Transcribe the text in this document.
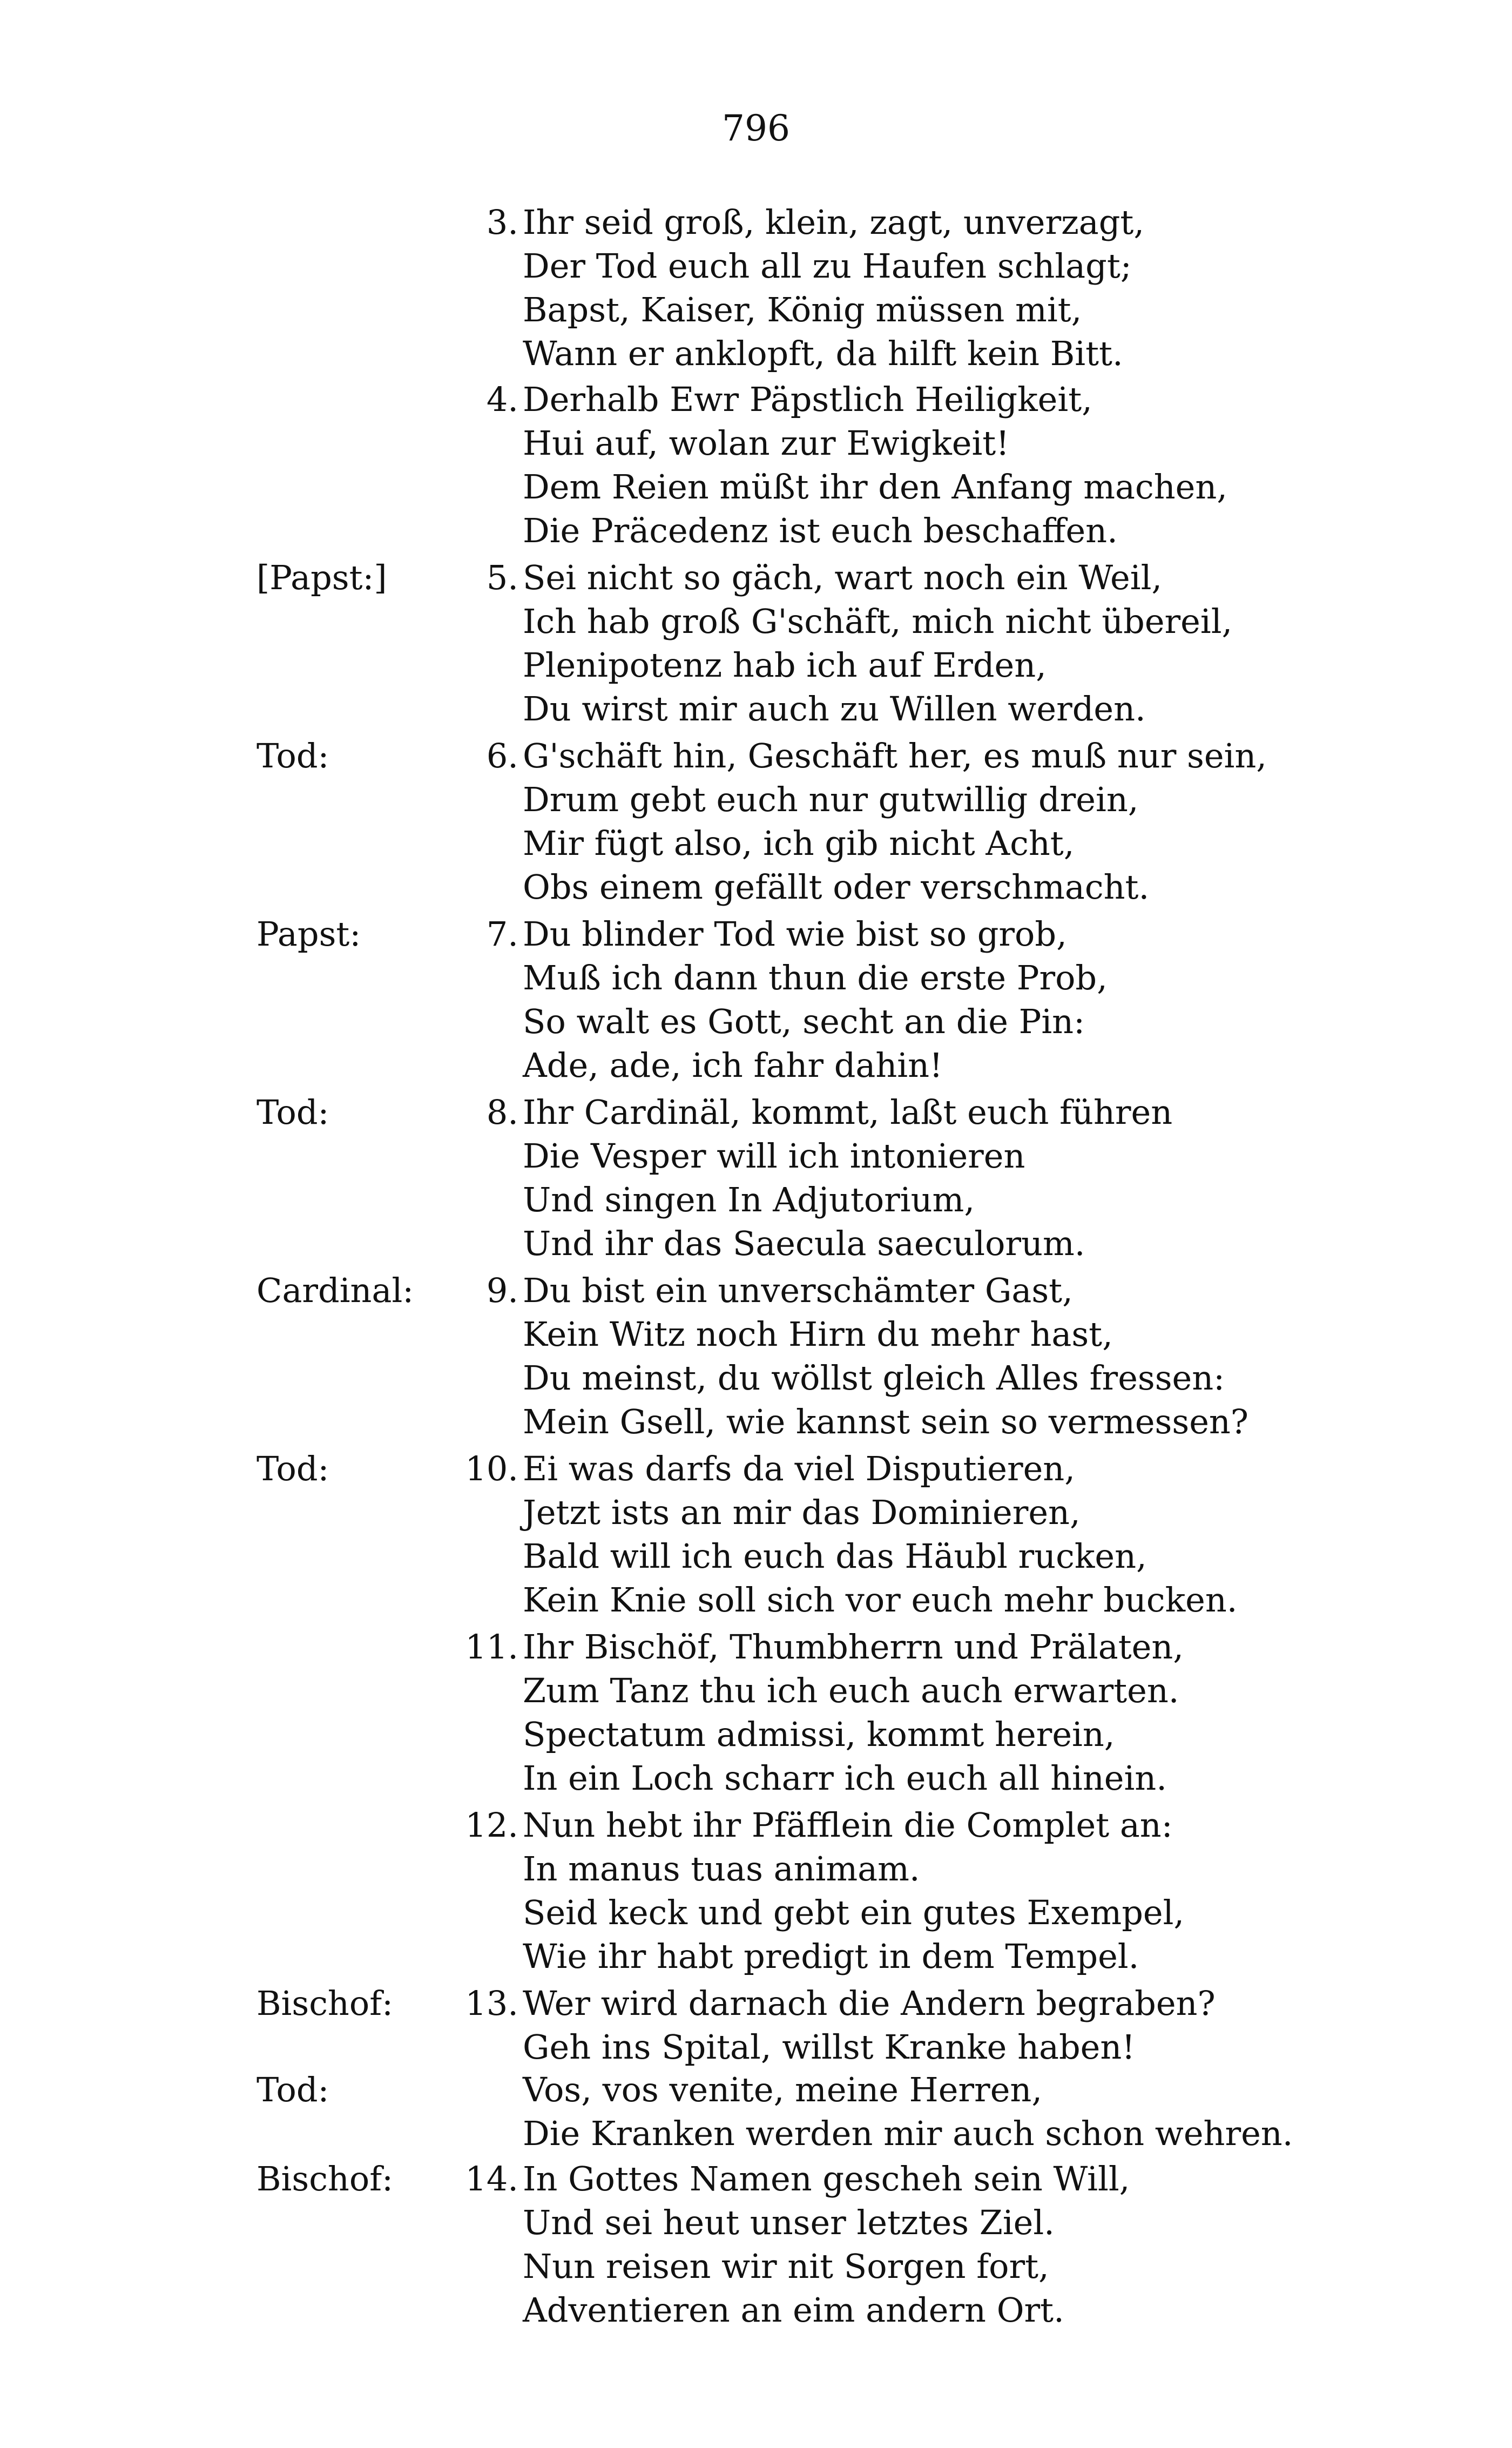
796
3. Ihr seid groß, klein, zagt, unverzagt,
Der Tod euch all zu Haufen schlagt;
Bapst, Kaiser, König müssen mit,
Wann er anklopft, da hilft kein Bitt.
4. Derhalb Ewr Päpstlich Heiligkeit,
Hui auf, wolan zur Ewigkeit!
Dem Reien müßt ihr den Anfang machen,
Die Präcedenz ist euch beschaffen.
[Papst:]	5. Sei nicht so gäch, wart noch ein Weil,
Ich hab groß G'schäft, mich nicht übereil,
Plenipotenz hab ich auf Erden,
Du wirst mir auch zu Willen werden.
Tod:	6. G'schäft hin, Geschäft her, es muß nur sein,
Drum gebt euch nur gutwillig drein,
Mir fügt also, ich gib nicht Acht,
Obs einem gefällt oder verschmacht.
Papst:	7. Du blinder Tod wie bist so grob,
Muß ich dann thun die erste Prob,
So walt es Gott, secht an die Pin:
Ade, ade, ich fahr dahin!
Tod:	8. Ihr Cardinäl, kommt, laßt euch führen
Die Vesper will ich intonieren
Und singen In Adjutorium,
Und ihr das Saecula saeculorum.
Cardinal:	9. Du bist ein unverschämter Gast,
Kein Witz noch Hirn du mehr hast,
Du meinst, du wöllst gleich Alles fressen:
Mein Gsell, wie kannst sein so vermessen?
Tod:	10. Ei was darfs da viel Disputieren,
Jetzt ists an mir das Dominieren,
Bald will ich euch das Häubl rucken,
Kein Knie soll sich vor euch mehr bucken.
11. Ihr Bischöf, Thumbherrn und Prälaten,
Zum Tanz thu ich euch auch erwarten.
Spectatum admissi, kommt herein,
In ein Loch scharr ich euch all hinein.
12. Nun hebt ihr Pfäfflein die Complet an:
In manus tuas animam.
Seid keck und gebt ein gutes Exempel,
Wie ihr habt predigt in dem Tempel.
Bischof:	13. Wer wird darnach die Andern begraben?
Geh ins Spital, willst Kranke haben!
Tod:	Vos, vos venite, meine Herren,
Die Kranken werden mir auch schon wehren.
Bischof:	14. In Gottes Namen gescheh sein Will,
Und sei heut unser letztes Ziel.
Nun reisen wir nit Sorgen fort,
Adventieren an eim andern Ort.
